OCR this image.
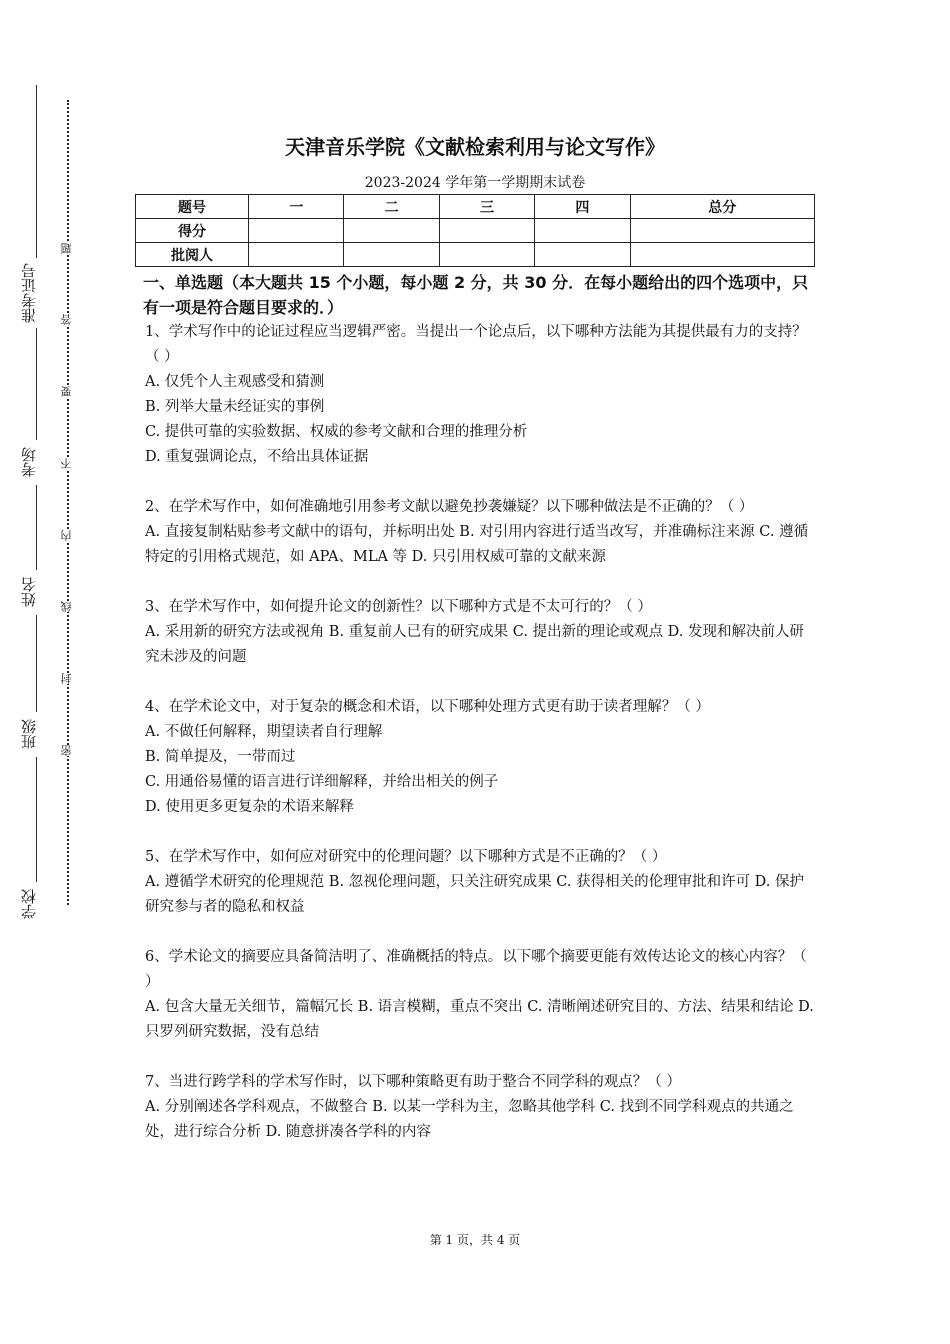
准考证号
考场
姓名
班级
学校
题
答
要
不
内
线
封
密
天津音乐学院《文献检索利用与论文写作》
2023-2024 学年第一学期期末试卷
题号	一	二	三	四	总分
得分					
批阅人					
一、单选题（本大题共 15 个小题，每小题 2 分，共 30 分．在每小题给出的四个选项中，只有一项是符合题目要求的．）
1、学术写作中的论证过程应当逻辑严密。当提出一个论点后，以下哪种方法能为其提供最有力的支持？（ ）
A. 仅凭个人主观感受和猜测
B. 列举大量未经证实的事例
C. 提供可靠的实验数据、权威的参考文献和合理的推理分析
D. 重复强调论点，不给出具体证据
2、在学术写作中，如何准确地引用参考文献以避免抄袭嫌疑？以下哪种做法是不正确的？（ ）
A. 直接复制粘贴参考文献中的语句，并标明出处 B. 对引用内容进行适当改写，并准确标注来源 C. 遵循特定的引用格式规范，如 APA、MLA 等 D. 只引用权威可靠的文献来源
3、在学术写作中，如何提升论文的创新性？以下哪种方式是不太可行的？（ ）
A. 采用新的研究方法或视角 B. 重复前人已有的研究成果 C. 提出新的理论或观点 D. 发现和解决前人研究未涉及的问题
4、在学术论文中，对于复杂的概念和术语，以下哪种处理方式更有助于读者理解？（ ）
A. 不做任何解释，期望读者自行理解
B. 简单提及，一带而过
C. 用通俗易懂的语言进行详细解释，并给出相关的例子
D. 使用更多更复杂的术语来解释
5、在学术写作中，如何应对研究中的伦理问题？以下哪种方式是不正确的？（ ）
A. 遵循学术研究的伦理规范 B. 忽视伦理问题，只关注研究成果 C. 获得相关的伦理审批和许可 D. 保护研究参与者的隐私和权益
6、学术论文的摘要应具备简洁明了、准确概括的特点。以下哪个摘要更能有效传达论文的核心内容？（ ）
A. 包含大量无关细节，篇幅冗长 B. 语言模糊，重点不突出 C. 清晰阐述研究目的、方法、结果和结论 D. 只罗列研究数据，没有总结
7、当进行跨学科的学术写作时，以下哪种策略更有助于整合不同学科的观点？（ ）
A. 分别阐述各学科观点，不做整合 B. 以某一学科为主，忽略其他学科 C. 找到不同学科观点的共通之处，进行综合分析 D. 随意拼凑各学科的内容
第 1 页，共 4 页
